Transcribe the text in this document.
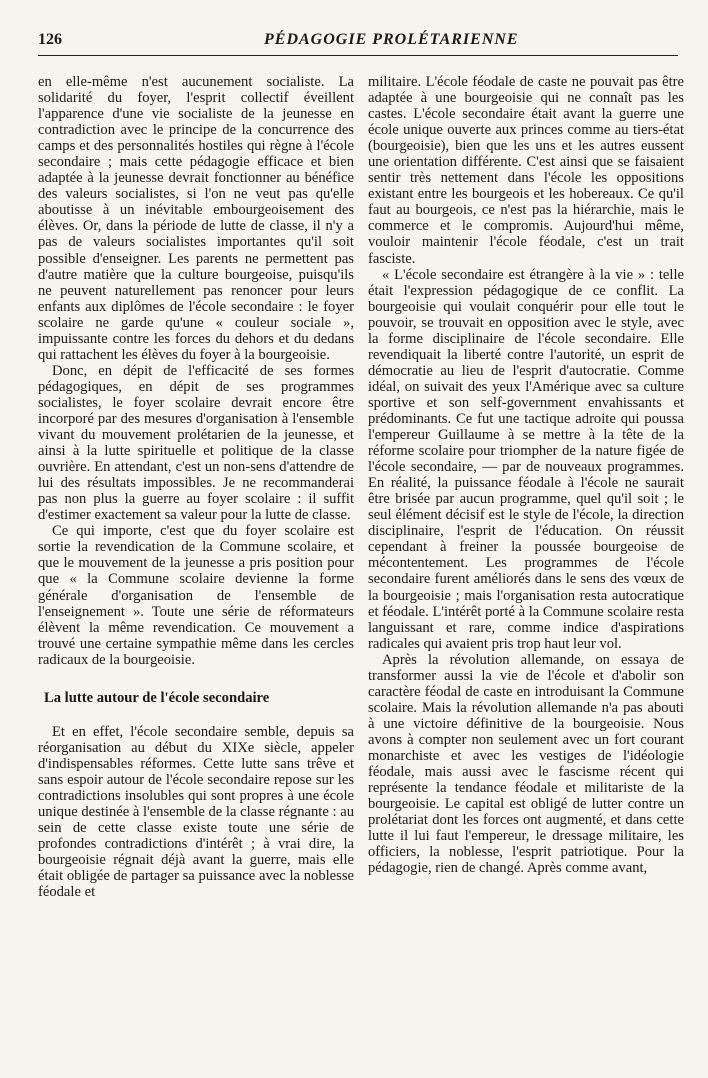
126	PÉDAGOGIE PROLÉTARIENNE

en elle-même n'est aucunement socialiste. La solidarité du foyer, l'esprit collectif éveillent l'apparence d'une vie socialiste de la jeunesse en contradiction avec le principe de la concurrence des camps et des personnalités hostiles qui règne à l'école secondaire ; mais cette pédagogie efficace et bien adaptée à la jeunesse devrait fonctionner au bénéfice des valeurs socialistes, si l'on ne veut pas qu'elle aboutisse à un inévitable embourgeoisement des élèves. Or, dans la période de lutte de classe, il n'y a pas de valeurs socialistes importantes qu'il soit possible d'enseigner. Les parents ne permettent pas d'autre matière que la culture bourgeoise, puisqu'ils ne peuvent naturellement pas renoncer pour leurs enfants aux diplômes de l'école secondaire : le foyer scolaire ne garde qu'une « couleur sociale », impuissante contre les forces du dehors et du dedans qui rattachent les élèves du foyer à la bourgeoisie.

Donc, en dépit de l'efficacité de ses formes pédagogiques, en dépit de ses programmes socialistes, le foyer scolaire devrait encore être incorporé par des mesures d'organisation à l'ensemble vivant du mouvement prolétarien de la jeunesse, et ainsi à la lutte spirituelle et politique de la classe ouvrière. En attendant, c'est un non-sens d'attendre de lui des résultats impossibles. Je ne recommanderai pas non plus la guerre au foyer scolaire : il suffit d'estimer exactement sa valeur pour la lutte de classe.

Ce qui importe, c'est que du foyer scolaire est sortie la revendication de la Commune scolaire, et que le mouvement de la jeunesse a pris position pour que « la Commune scolaire devienne la forme générale d'organisation de l'ensemble de l'enseignement ». Toute une série de réformateurs élèvent la même revendication. Ce mouvement a trouvé une certaine sympathie même dans les cercles radicaux de la bourgeoisie.

La lutte autour de l'école secondaire

Et en effet, l'école secondaire semble, depuis sa réorganisation au début du XIXe siècle, appeler d'indispensables réformes. Cette lutte sans trêve et sans espoir autour de l'école secondaire repose sur les contradictions insolubles qui sont propres à une école unique destinée à l'ensemble de la classe régnante : au sein de cette classe existe toute une série de profondes contradictions d'intérêt ; à vrai dire, la bourgeoisie régnait déjà avant la guerre, mais elle était obligée de partager sa puissance avec la noblesse féodale et

militaire. L'école féodale de caste ne pouvait pas être adaptée à une bourgeoisie qui ne connaît pas les castes. L'école secondaire était avant la guerre une école unique ouverte aux princes comme au tiers-état (bourgeoisie), bien que les uns et les autres eussent une orientation différente. C'est ainsi que se faisaient sentir très nettement dans l'école les oppositions existant entre les bourgeois et les hobereaux. Ce qu'il faut au bourgeois, ce n'est pas la hiérarchie, mais le commerce et le compromis. Aujourd'hui même, vouloir maintenir l'école féodale, c'est un trait fasciste.

« L'école secondaire est étrangère à la vie » : telle était l'expression pédagogique de ce conflit. La bourgeoisie qui voulait conquérir pour elle tout le pouvoir, se trouvait en opposition avec le style, avec la forme disciplinaire de l'école secondaire. Elle revendiquait la liberté contre l'autorité, un esprit de démocratie au lieu de l'esprit d'autocratie. Comme idéal, on suivait des yeux l'Amérique avec sa culture sportive et son self-government envahissants et prédominants. Ce fut une tactique adroite qui poussa l'empereur Guillaume à se mettre à la tête de la réforme scolaire pour triompher de la nature figée de l'école secondaire, — par de nouveaux programmes. En réalité, la puissance féodale à l'école ne saurait être brisée par aucun programme, quel qu'il soit ; le seul élément décisif est le style de l'école, la direction disciplinaire, l'esprit de l'éducation. On réussit cependant à freiner la poussée bourgeoise de mécontentement. Les programmes de l'école secondaire furent améliorés dans le sens des vœux de la bourgeoisie ; mais l'organisation resta autocratique et féodale. L'intérêt porté à la Commune scolaire resta languissant et rare, comme indice d'aspirations radicales qui avaient pris trop haut leur vol.

Après la révolution allemande, on essaya de transformer aussi la vie de l'école et d'abolir son caractère féodal de caste en introduisant la Commune scolaire. Mais la révolution allemande n'a pas abouti à une victoire définitive de la bourgeoisie. Nous avons à compter non seulement avec un fort courant monarchiste et avec les vestiges de l'idéologie féodale, mais aussi avec le fascisme récent qui représente la tendance féodale et militariste de la bourgeoisie. Le capital est obligé de lutter contre un prolétariat dont les forces ont augmenté, et dans cette lutte il lui faut l'empereur, le dressage militaire, les officiers, la noblesse, l'esprit patriotique. Pour la pédagogie, rien de changé. Après comme avant,
